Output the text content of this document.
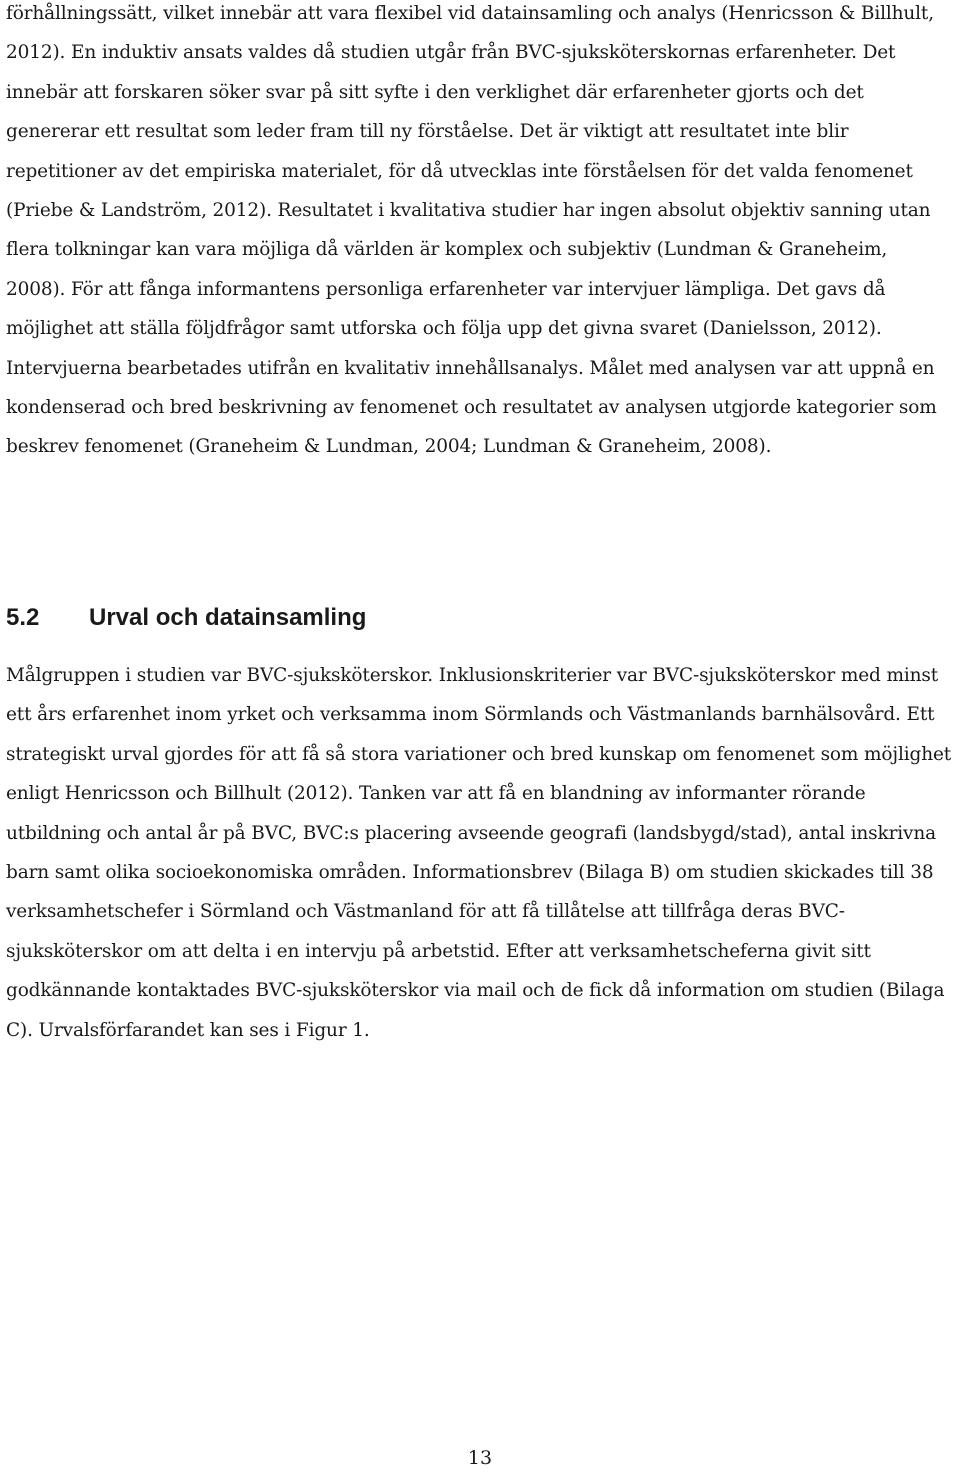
förhållningssätt, vilket innebär att vara flexibel vid datainsamling och analys (Henricsson & Billhult, 2012). En induktiv ansats valdes då studien utgår från BVC-sjuksköterskornas erfarenheter. Det innebär att forskaren söker svar på sitt syfte i den verklighet där erfarenheter gjorts och det genererar ett resultat som leder fram till ny förståelse. Det är viktigt att resultatet inte blir repetitioner av det empiriska materialet, för då utvecklas inte förståelsen för det valda fenomenet (Priebe & Landström, 2012). Resultatet i kvalitativa studier har ingen absolut objektiv sanning utan flera tolkningar kan vara möjliga då världen är komplex och subjektiv (Lundman & Graneheim, 2008). För att fånga informantens personliga erfarenheter var intervjuer lämpliga. Det gavs då möjlighet att ställa följdfrågor samt utforska och följa upp det givna svaret (Danielsson, 2012). Intervjuerna bearbetades utifrån en kvalitativ innehållsanalys. Målet med analysen var att uppnå en kondenserad och bred beskrivning av fenomenet och resultatet av analysen utgjorde kategorier som beskrev fenomenet (Graneheim & Lundman, 2004; Lundman & Graneheim, 2008).

5.2 Urval och datainsamling

Målgruppen i studien var BVC-sjuksköterskor. Inklusionskriterier var BVC-sjuksköterskor med minst ett års erfarenhet inom yrket och verksamma inom Sörmlands och Västmanlands barnhälsovård. Ett strategiskt urval gjordes för att få så stora variationer och bred kunskap om fenomenet som möjlighet enligt Henricsson och Billhult (2012). Tanken var att få en blandning av informanter rörande utbildning och antal år på BVC, BVC:s placering avseende geografi (landsbygd/stad), antal inskrivna barn samt olika socioekonomiska områden. Informationsbrev (Bilaga B) om studien skickades till 38 verksamhetschefer i Sörmland och Västmanland för att få tillåtelse att tillfråga deras BVC-sjuksköterskor om att delta i en intervju på arbetstid. Efter att verksamhetscheferna givit sitt godkännande kontaktades BVC-sjuksköterskor via mail och de fick då information om studien (Bilaga C). Urvalsförfarandet kan ses i Figur 1.

13
